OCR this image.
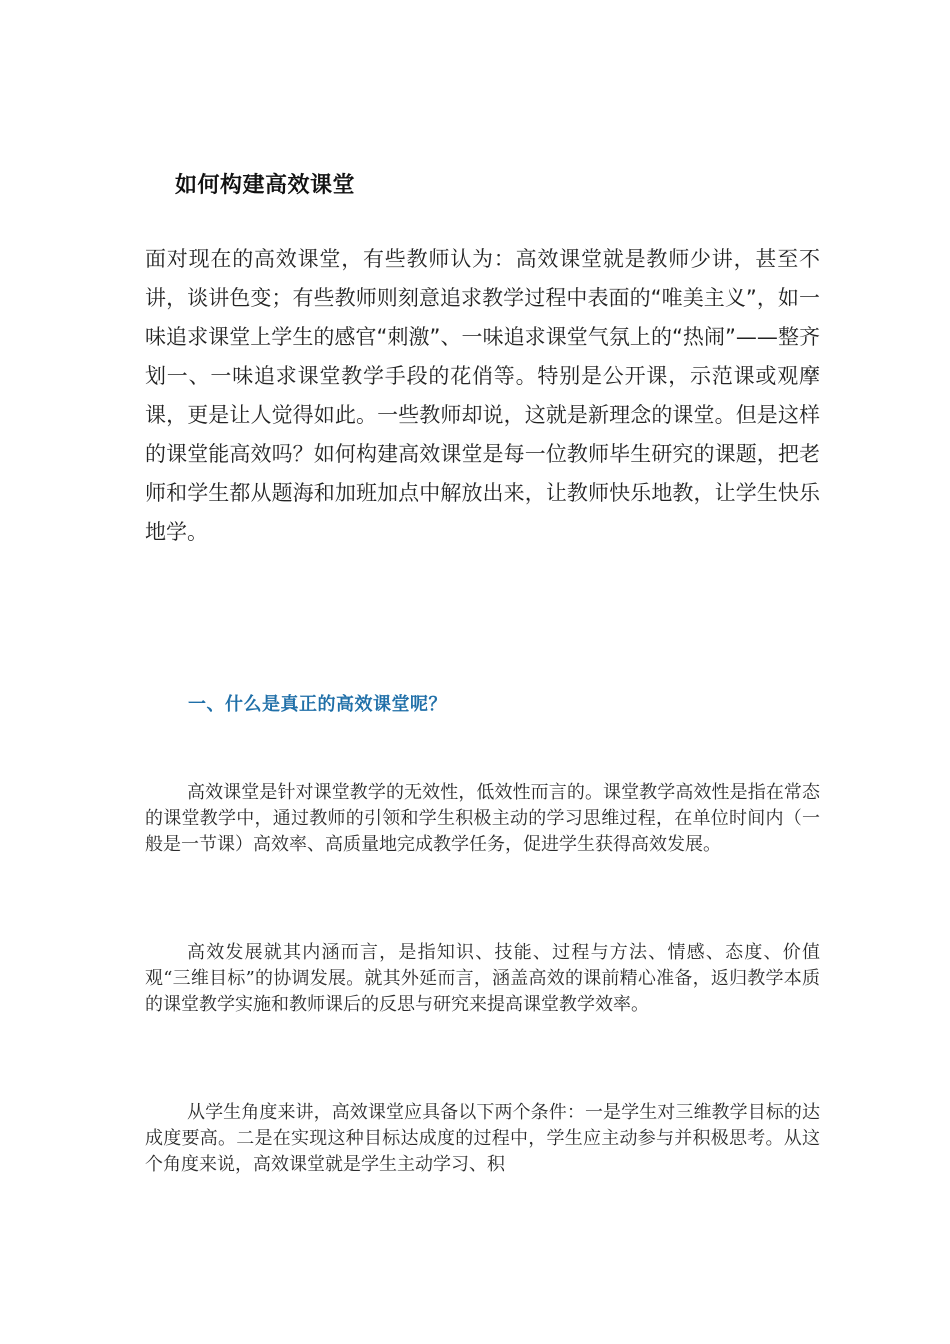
如何构建高效课堂

面对现在的高效课堂，有些教师认为：高效课堂就是教师少讲，甚至不讲，谈讲色变；有些教师则刻意追求教学过程中表面的“唯美主义”，如一味追求课堂上学生的感官“刺激”、一味追求课堂气氛上的“热闹”——整齐划一、一味追求课堂教学手段的花俏等。特别是公开课，示范课或观摩课，更是让人觉得如此。一些教师却说，这就是新理念的课堂。但是这样的课堂能高效吗？如何构建高效课堂是每一位教师毕生研究的课题，把老师和学生都从题海和加班加点中解放出来，让教师快乐地教，让学生快乐地学。

一、什么是真正的高效课堂呢？

高效课堂是针对课堂教学的无效性，低效性而言的。课堂教学高效性是指在常态的课堂教学中，通过教师的引领和学生积极主动的学习思维过程，在单位时间内（一般是一节课）高效率、高质量地完成教学任务，促进学生获得高效发展。

高效发展就其内涵而言，是指知识、技能、过程与方法、情感、态度、价值观“三维目标”的协调发展。就其外延而言，涵盖高效的课前精心准备，返归教学本质的课堂教学实施和教师课后的反思与研究来提高课堂教学效率。

从学生角度来讲，高效课堂应具备以下两个条件：一是学生对三维教学目标的达成度要高。二是在实现这种目标达成度的过程中，学生应主动参与并积极思考。从这个角度来说，高效课堂就是学生主动学习、积
